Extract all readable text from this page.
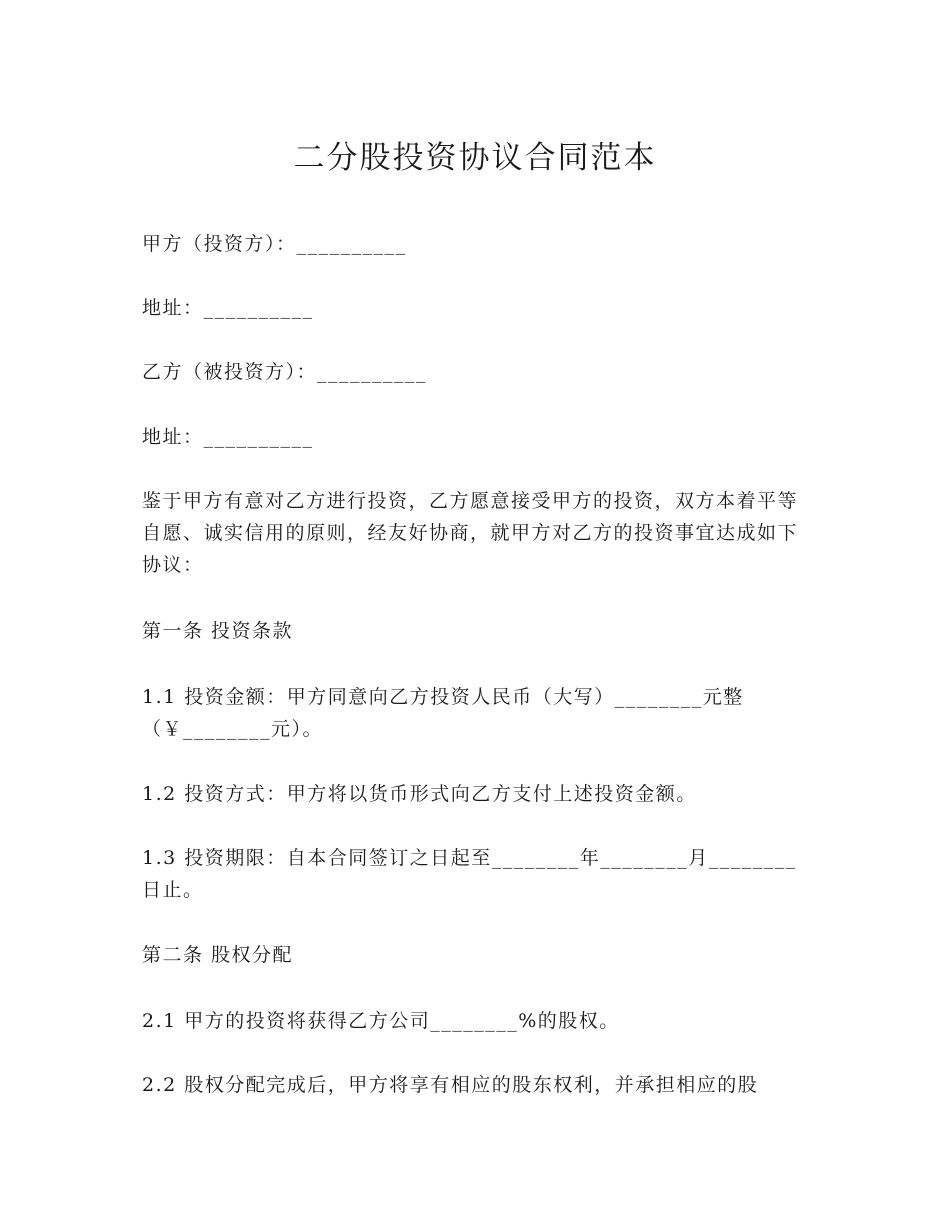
二分股投资协议合同范本

甲方（投资方）：__________

地址：__________

乙方（被投资方）：__________

地址：__________

鉴于甲方有意对乙方进行投资，乙方愿意接受甲方的投资，双方本着平等自愿、诚实信用的原则，经友好协商，就甲方对乙方的投资事宜达成如下协议：

第一条 投资条款

1.1 投资金额：甲方同意向乙方投资人民币（大写）________元整（￥________元）。

1.2 投资方式：甲方将以货币形式向乙方支付上述投资金额。

1.3 投资期限：自本合同签订之日起至________年________月________日止。

第二条 股权分配

2.1 甲方的投资将获得乙方公司________%的股权。

2.2 股权分配完成后，甲方将享有相应的股东权利，并承担相应的股
